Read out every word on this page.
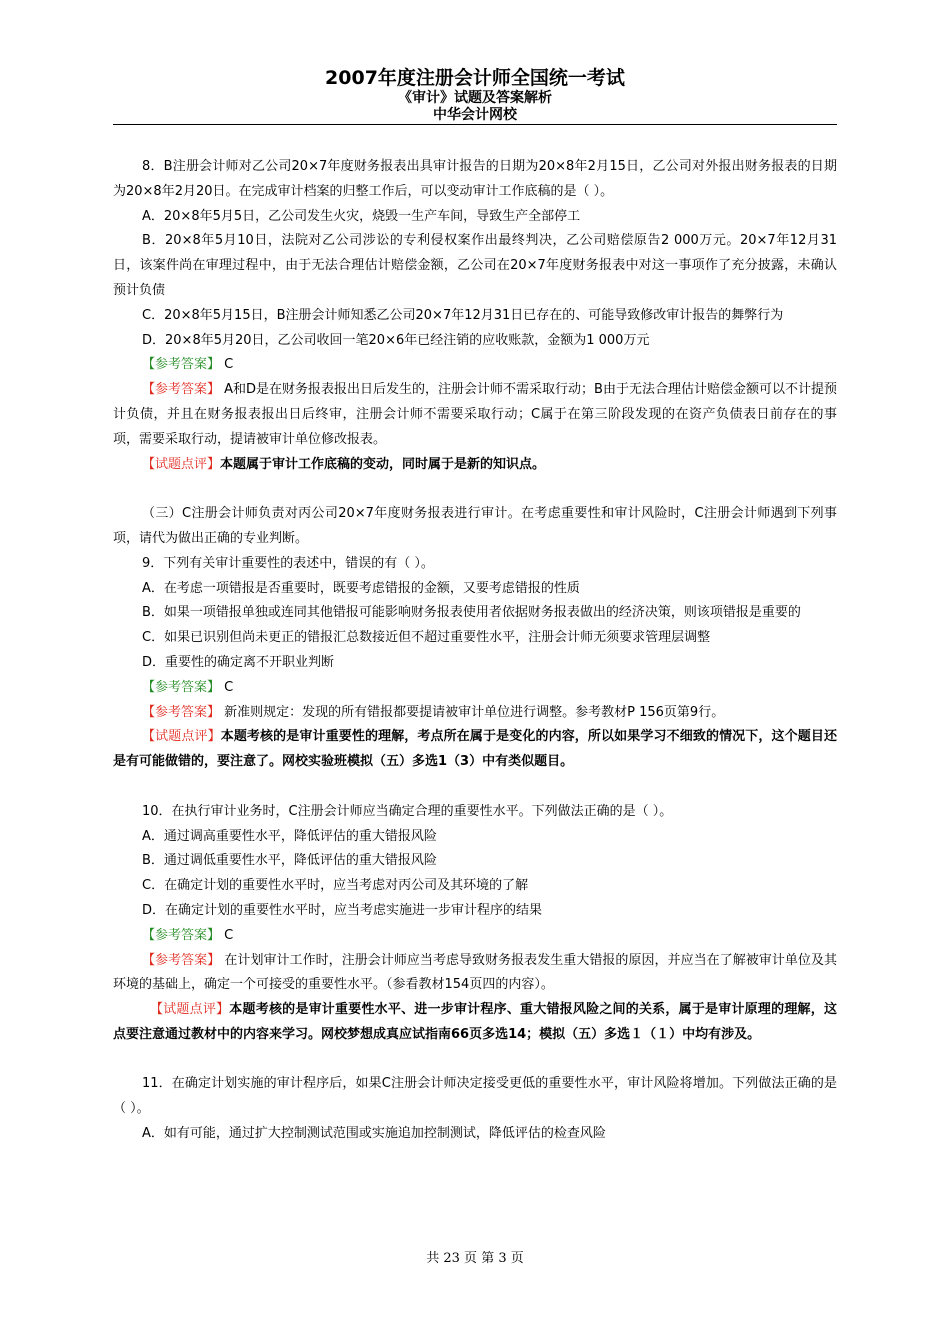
2007年度注册会计师全国统一考试
《审计》试题及答案解析
中华会计网校

8．B注册会计师对乙公司20×7年度财务报表出具审计报告的日期为20×8年2月15日，乙公司对外报出财务报表的日期为20×8年2月20日。在完成审计档案的归整工作后，可以变动审计工作底稿的是（ ）。

A．20×8年5月5日，乙公司发生火灾，烧毁一生产车间，导致生产全部停工

B．20×8年5月10日，法院对乙公司涉讼的专利侵权案作出最终判决，乙公司赔偿原告2 000万元。20×7年12月31日，该案件尚在审理过程中，由于无法合理估计赔偿金额，乙公司在20×7年度财务报表中对这一事项作了充分披露，未确认预计负债

C．20×8年5月15日，B注册会计师知悉乙公司20×7年12月31日已存在的、可能导致修改审计报告的舞弊行为

D．20×8年5月20日，乙公司收回一笔20×6年已经注销的应收账款，金额为1 000万元

【参考答案】 C

【参考答案】 A和D是在财务报表报出日后发生的，注册会计师不需采取行动；B由于无法合理估计赔偿金额可以不计提预计负债，并且在财务报表报出日后终审，注册会计师不需要采取行动；C属于在第三阶段发现的在资产负债表日前存在的事项，需要采取行动，提请被审计单位修改报表。

【试题点评】本题属于审计工作底稿的变动，同时属于是新的知识点。

（三）C注册会计师负责对丙公司20×7年度财务报表进行审计。在考虑重要性和审计风险时，C注册会计师遇到下列事项，请代为做出正确的专业判断。

9．下列有关审计重要性的表述中，错误的有（ ）。

A．在考虑一项错报是否重要时，既要考虑错报的金额，又要考虑错报的性质

B．如果一项错报单独或连同其他错报可能影响财务报表使用者依据财务报表做出的经济决策，则该项错报是重要的

C．如果已识别但尚未更正的错报汇总数接近但不超过重要性水平，注册会计师无须要求管理层调整

D．重要性的确定离不开职业判断

【参考答案】 C

【参考答案】 新准则规定：发现的所有错报都要提请被审计单位进行调整。参考教材P 156页第9行。

【试题点评】本题考核的是审计重要性的理解，考点所在属于是变化的内容，所以如果学习不细致的情况下，这个题目还是有可能做错的，要注意了。网校实验班模拟（五）多选1（3）中有类似题目。

10．在执行审计业务时，C注册会计师应当确定合理的重要性水平。下列做法正确的是（ ）。

A．通过调高重要性水平，降低评估的重大错报风险

B．通过调低重要性水平，降低评估的重大错报风险

C．在确定计划的重要性水平时，应当考虑对丙公司及其环境的了解

D．在确定计划的重要性水平时，应当考虑实施进一步审计程序的结果

【参考答案】 C

【参考答案】 在计划审计工作时，注册会计师应当考虑导致财务报表发生重大错报的原因，并应当在了解被审计单位及其环境的基础上，确定一个可接受的重要性水平。（参看教材154页四的内容）。

【试题点评】本题考核的是审计重要性水平、进一步审计程序、重大错报风险之间的关系，属于是审计原理的理解，这点要注意通过教材中的内容来学习。网校梦想成真应试指南66页多选14；模拟（五）多选１（１）中均有涉及。

11．在确定计划实施的审计程序后，如果C注册会计师决定接受更低的重要性水平，审计风险将增加。下列做法正确的是（ ）。

A．如有可能，通过扩大控制测试范围或实施追加控制测试，降低评估的检查风险

共 23 页 第 3 页
